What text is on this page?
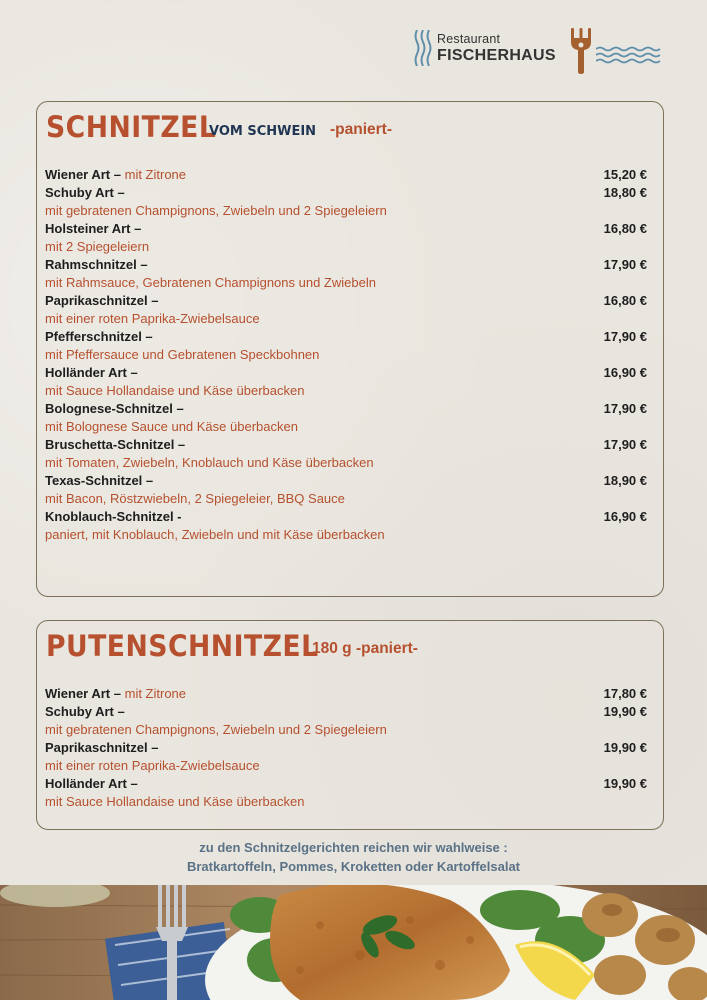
Restaurant
FISCHERHAUS
SCHNITZEL
VOM SCHWEIN -paniert-
Wiener Art – mit Zitrone	15,20 €
Schuby Art –	18,80 €
mit gebratenen Champignons, Zwiebeln und 2 Spiegeleiern
Holsteiner Art –	16,80 €
mit 2 Spiegeleiern
Rahmschnitzel –	17,90 €
mit Rahmsauce, Gebratenen Champignons und Zwiebeln
Paprikaschnitzel –	16,80 €
mit einer roten Paprika-Zwiebelsauce
Pfefferschnitzel –	17,90 €
mit Pfeffersauce und Gebratenen Speckbohnen
Holländer Art –	16,90 €
mit Sauce Hollandaise und Käse überbacken
Bolognese-Schnitzel –	17,90 €
mit Bolognese Sauce und Käse überbacken
Bruschetta-Schnitzel –	17,90 €
mit Tomaten, Zwiebeln, Knoblauch und Käse überbacken
Texas-Schnitzel –	18,90 €
mit Bacon, Röstzwiebeln, 2 Spiegeleier, BBQ Sauce
Knoblauch-Schnitzel -	16,90 €
paniert, mit Knoblauch, Zwiebeln und mit Käse überbacken
PUTENSCHNITZEL
180 g -paniert-
Wiener Art – mit Zitrone	17,80 €
Schuby Art –	19,90 €
mit gebratenen Champignons, Zwiebeln und 2 Spiegeleiern
Paprikaschnitzel –	19,90 €
mit einer roten Paprika-Zwiebelsauce
Holländer Art –	19,90 €
mit Sauce Hollandaise und Käse überbacken
zu den Schnitzelgerichten reichen wir wahlweise :
Bratkartoffeln, Pommes, Kroketten oder Kartoffelsalat
